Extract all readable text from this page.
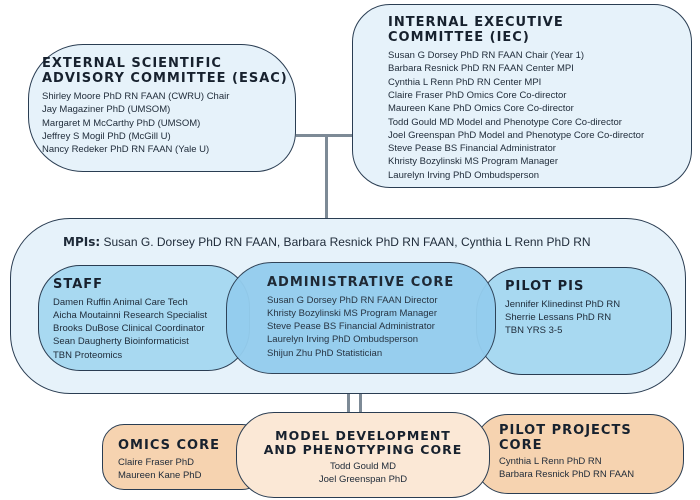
EXTERNAL SCIENTIFIC
ADVISORY COMMITTEE (ESAC)
Shirley Moore PhD RN FAAN (CWRU) Chair
Jay Magaziner PhD (UMSOM)
Margaret M McCarthy PhD (UMSOM)
Jeffrey S Mogil PhD (McGill U)
Nancy Redeker PhD RN FAAN (Yale U)
INTERNAL EXECUTIVE
COMMITTEE (IEC)
Susan G Dorsey PhD RN FAAN Chair (Year 1)
Barbara Resnick PhD RN FAAN Center MPI
Cynthia L Renn PhD RN Center MPI
Claire Fraser PhD Omics Core Co-director
Maureen Kane PhD Omics Core Co-director
Todd Gould MD Model and Phenotype Core Co-director
Joel Greenspan PhD Model and Phenotype Core Co-director
Steve Pease BS Financial Administrator
Khristy Bozylinski MS Program Manager
Laurelyn Irving PhD Ombudsperson
MPIs: Susan G. Dorsey PhD RN FAAN, Barbara Resnick PhD RN FAAN, Cynthia L Renn PhD RN
STAFF
Damen Ruffin Animal Care Tech
Aicha Moutainni Research Specialist
Brooks DuBose Clinical Coordinator
Sean Daugherty Bioinformaticist
TBN Proteomics
PILOT PIS
Jennifer Klinedinst PhD RN
Sherrie Lessans PhD RN
TBN YRS 3-5
ADMINISTRATIVE CORE
Susan G Dorsey PhD RN FAAN Director
Khristy Bozylinski MS Program Manager
Steve Pease BS Financial Administrator
Laurelyn Irving PhD Ombudsperson
Shijun Zhu PhD Statistician
OMICS CORE
Claire Fraser PhD
Maureen Kane PhD
PILOT PROJECTS
CORE
Cynthia L Renn PhD RN
Barbara Resnick PhD RN FAAN
MODEL DEVELOPMENT
AND PHENOTYPING CORE
Todd Gould MD
Joel Greenspan PhD
